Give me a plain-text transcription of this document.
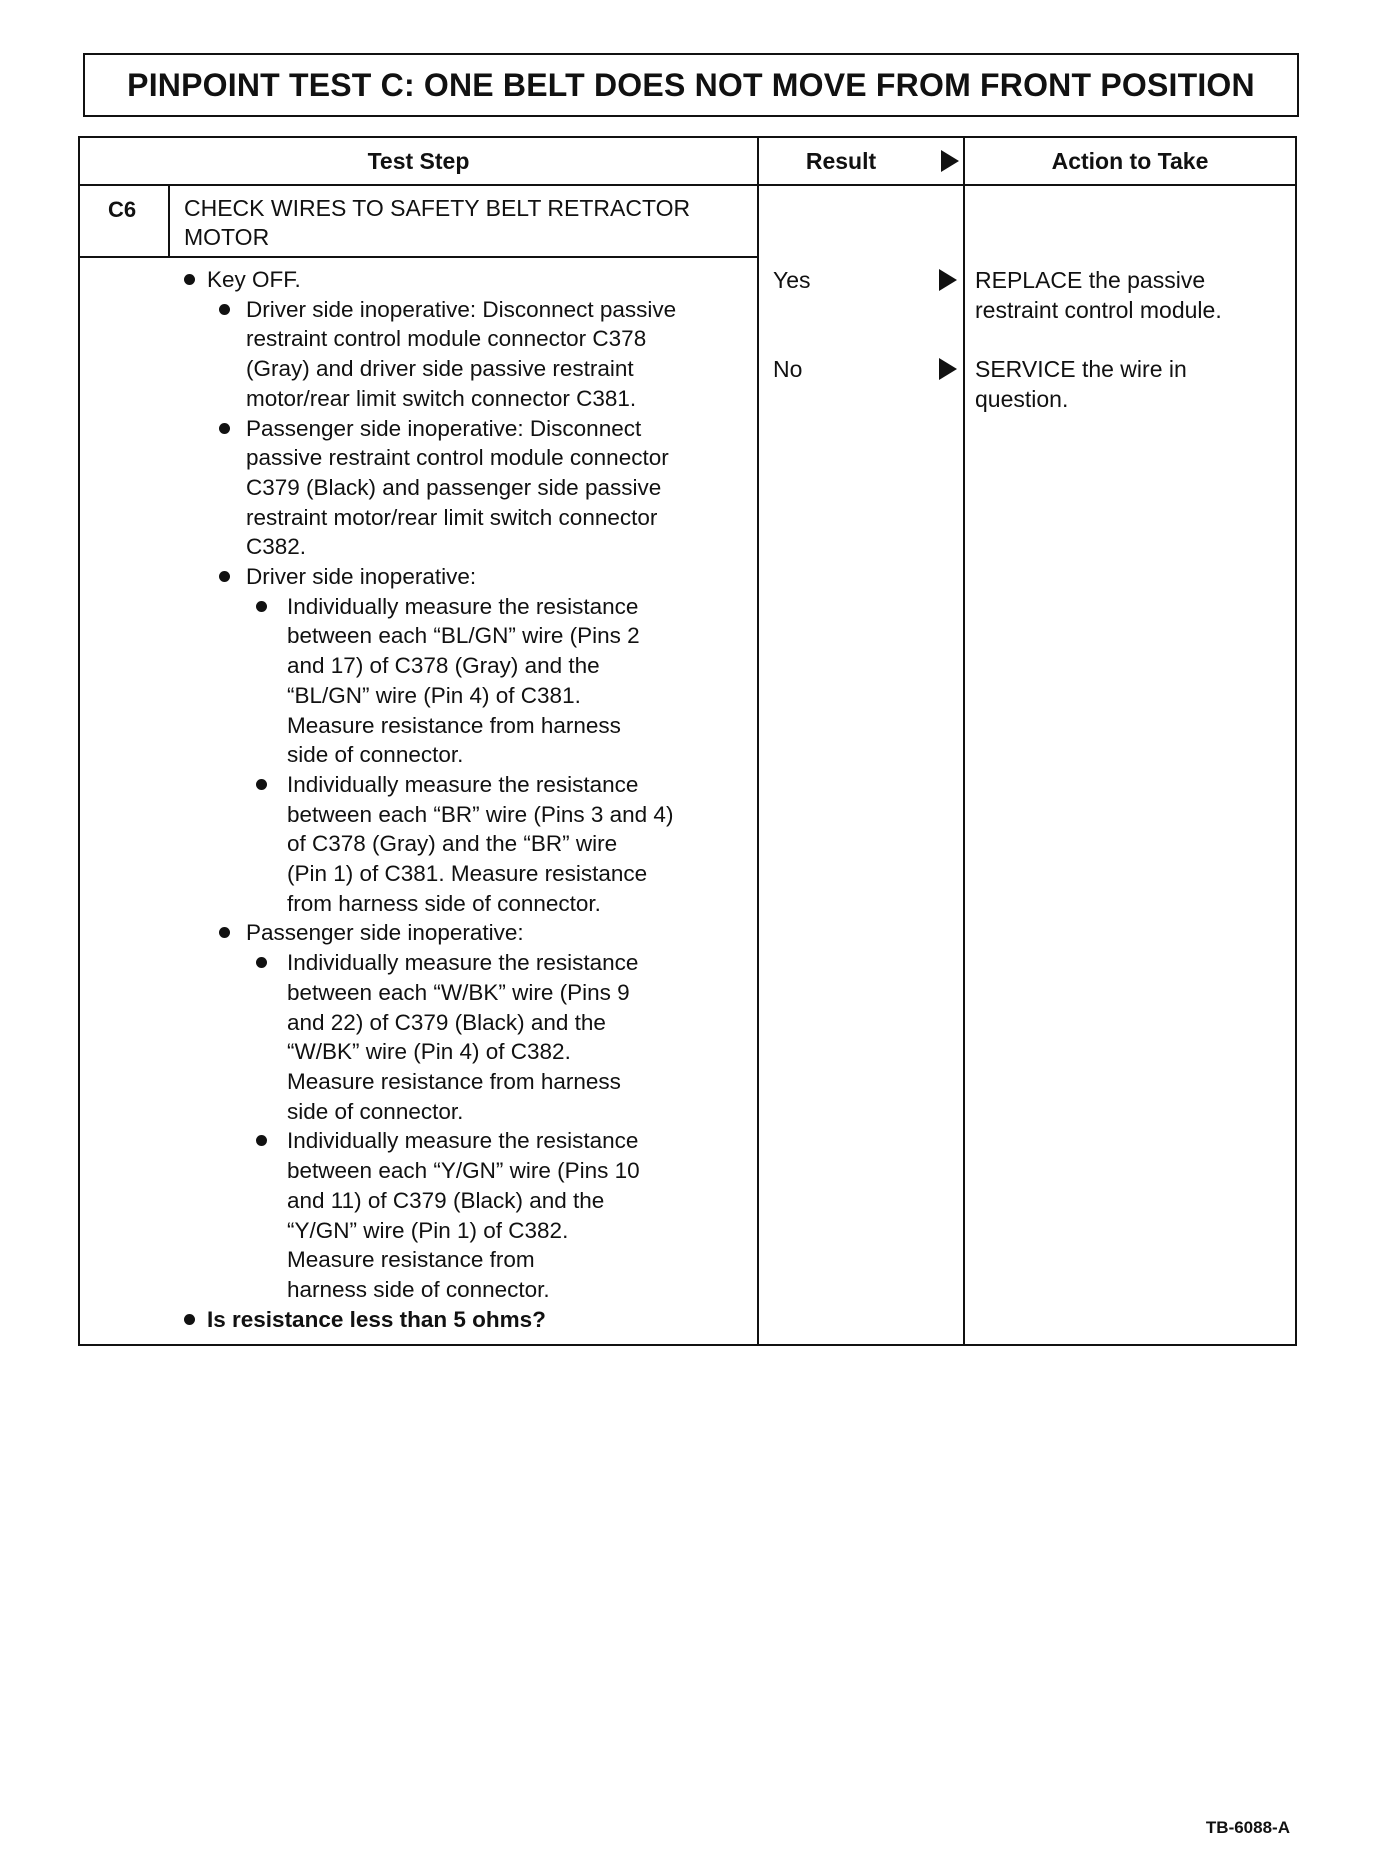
PINPOINT TEST C: ONE BELT DOES NOT MOVE FROM FRONT POSITION
Test Step	Result	Action to Take
C6 CHECK WIRES TO SAFETY BELT RETRACTOR
MOTOR
Key OFF.
Driver side inoperative: Disconnect passive
restraint control module connector C378
(Gray) and driver side passive restraint
motor/rear limit switch connector C381.
Passenger side inoperative: Disconnect
passive restraint control module connector
C379 (Black) and passenger side passive
restraint motor/rear limit switch connector
C382.
Driver side inoperative:
Individually measure the resistance
between each “BL/GN” wire (Pins 2
and 17) of C378 (Gray) and the
“BL/GN” wire (Pin 4) of C381.
Measure resistance from harness
side of connector.
Individually measure the resistance
between each “BR” wire (Pins 3 and 4)
of C378 (Gray) and the “BR” wire
(Pin 1) of C381. Measure resistance
from harness side of connector.
Passenger side inoperative:
Individually measure the resistance
between each “W/BK” wire (Pins 9
and 22) of C379 (Black) and the
“W/BK” wire (Pin 4) of C382.
Measure resistance from harness
side of connector.
Individually measure the resistance
between each “Y/GN” wire (Pins 10
and 11) of C379 (Black) and the
“Y/GN” wire (Pin 1) of C382.
Measure resistance from
harness side of connector.
Is resistance less than 5 ohms?
Yes	REPLACE the passive
restraint control module.
No	SERVICE the wire in
question.
TB-6088-A
